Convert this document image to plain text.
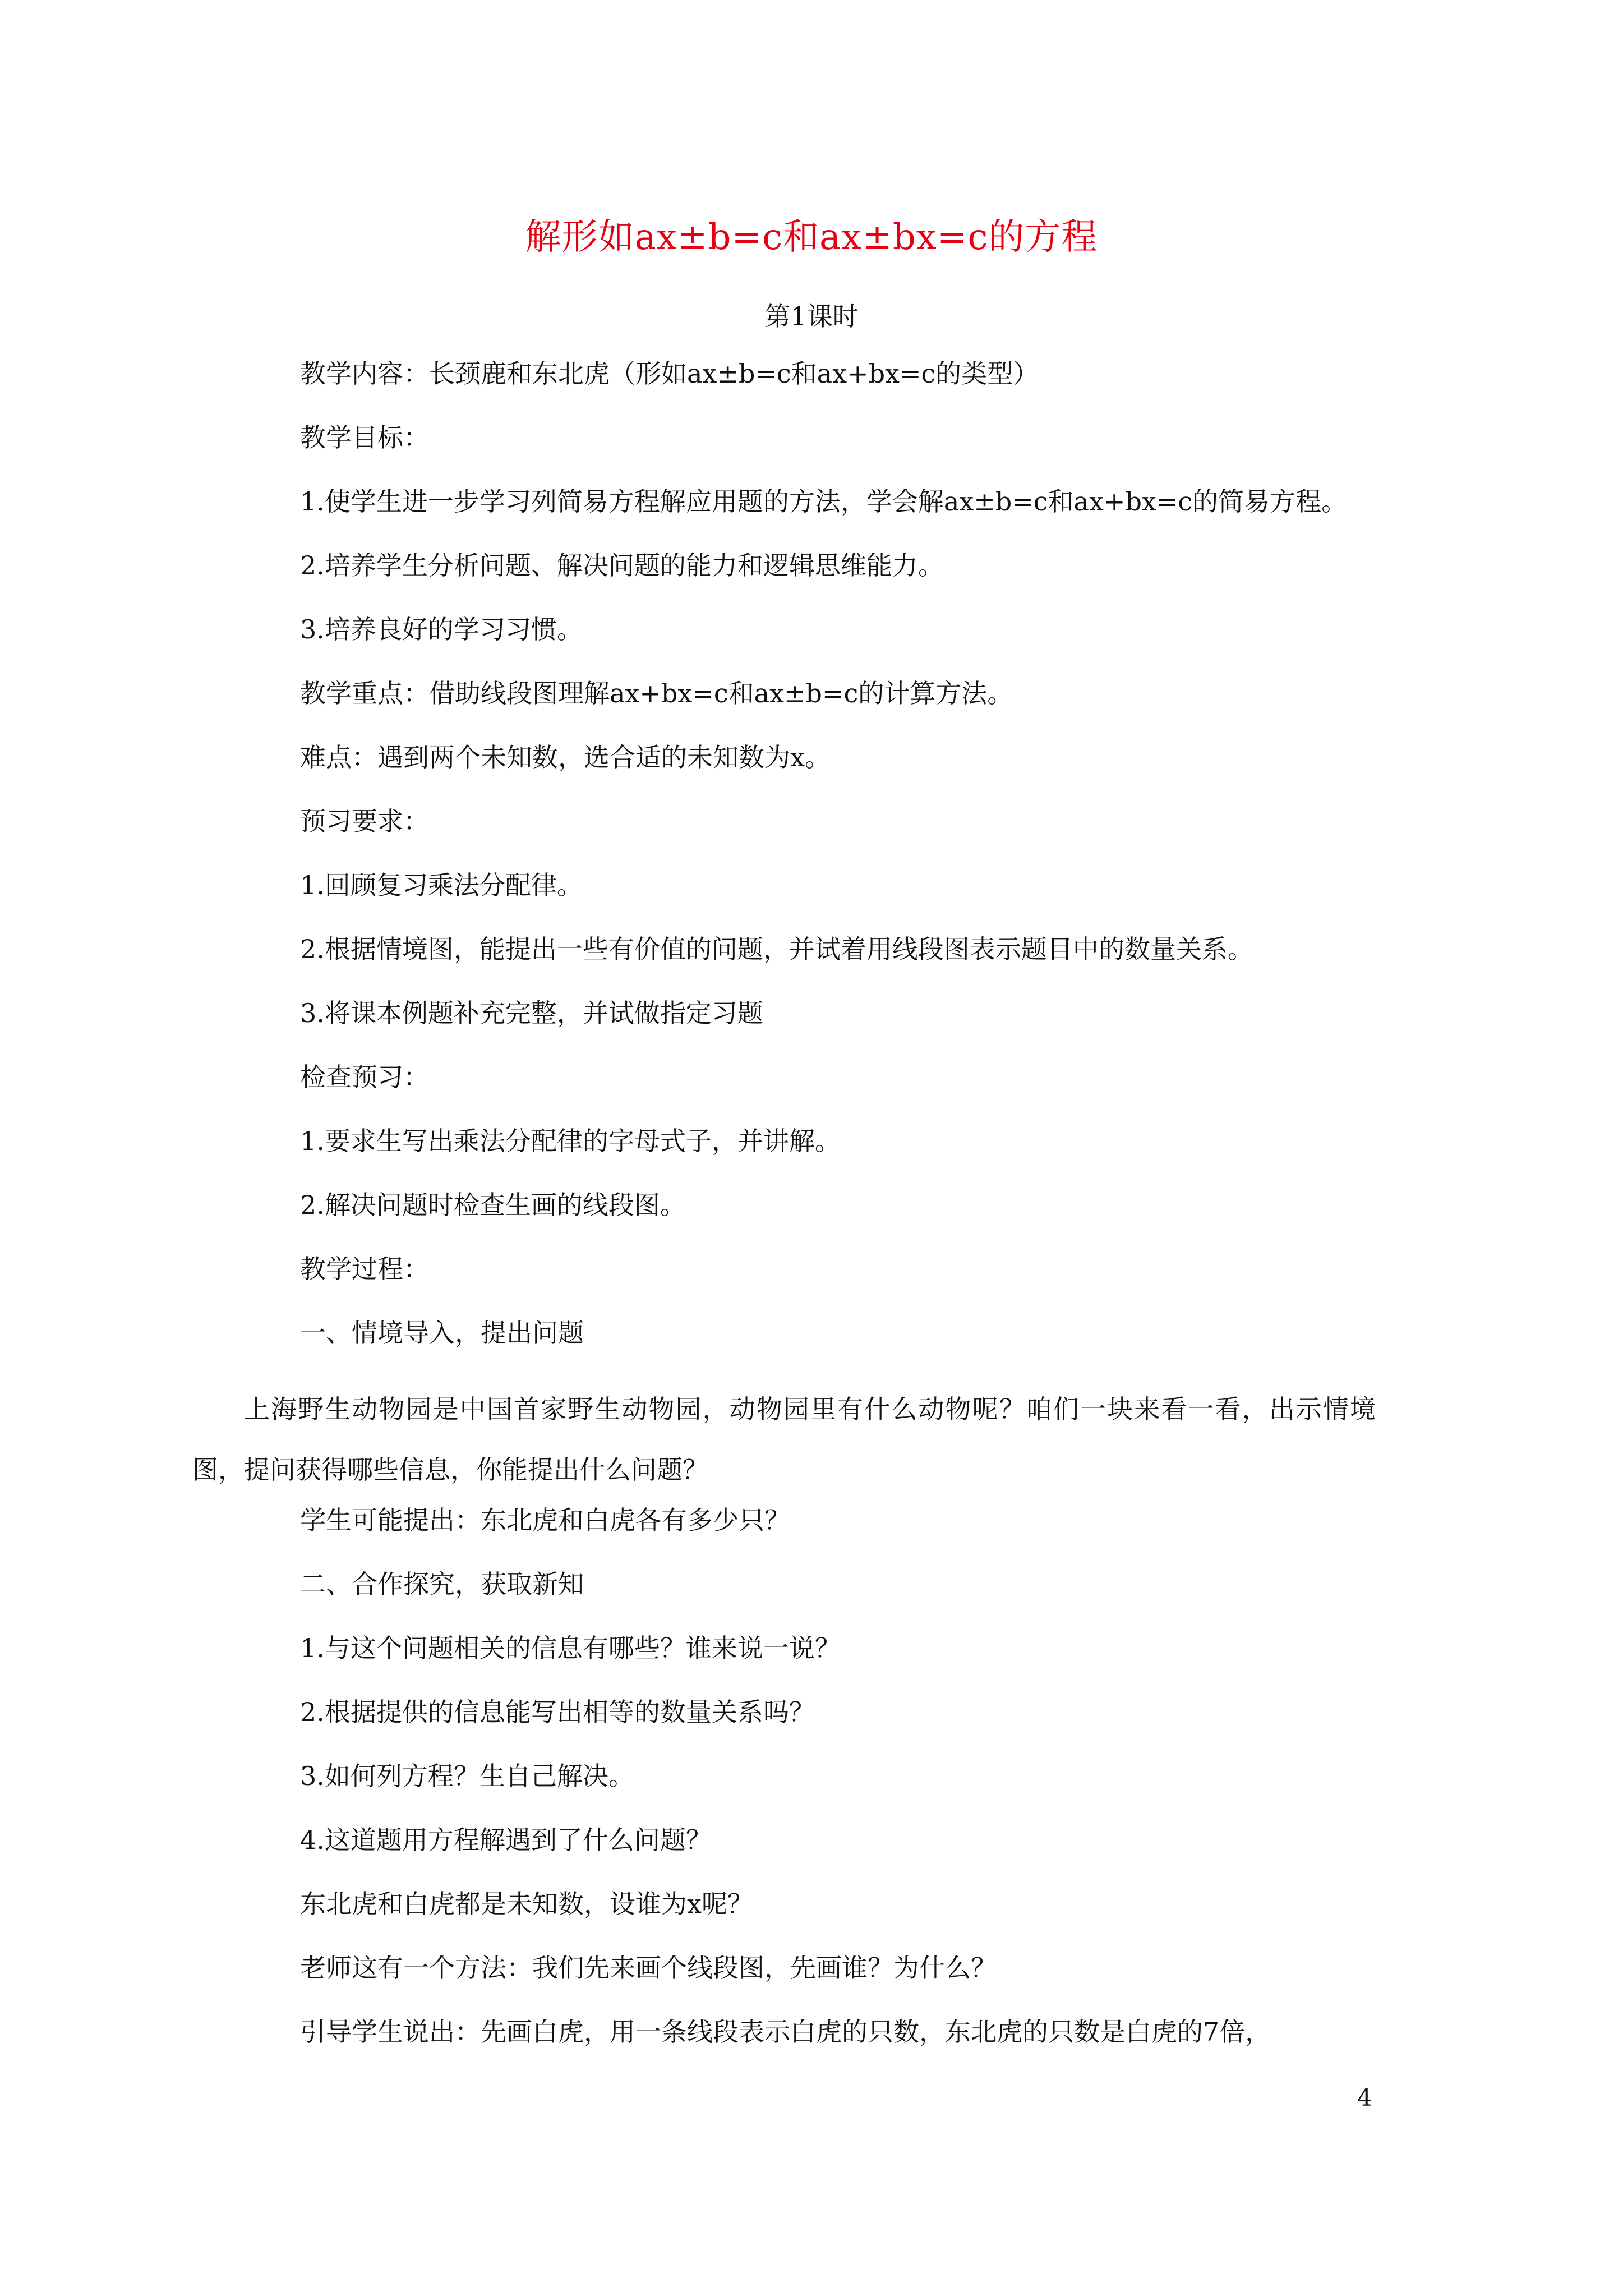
解形如ax±b=c和ax±bx=c的方程

第1课时

教学内容：长颈鹿和东北虎（形如ax±b=c和ax+bx=c的类型）

教学目标：

1.使学生进一步学习列简易方程解应用题的方法，学会解ax±b=c和ax+bx=c的简易方程。

2.培养学生分析问题、解决问题的能力和逻辑思维能力。

3.培养良好的学习习惯。

教学重点：借助线段图理解ax+bx=c和ax±b=c的计算方法。

难点：遇到两个未知数，选合适的未知数为x。

预习要求：

1.回顾复习乘法分配律。

2.根据情境图，能提出一些有价值的问题，并试着用线段图表示题目中的数量关系。

3.将课本例题补充完整，并试做指定习题

检查预习：

1.要求生写出乘法分配律的字母式子，并讲解。

2.解决问题时检查生画的线段图。

教学过程：

一、情境导入，提出问题

上海野生动物园是中国首家野生动物园，动物园里有什么动物呢？咱们一块来看一看，出示情境图，提问获得哪些信息，你能提出什么问题？

学生可能提出：东北虎和白虎各有多少只？

二、合作探究，获取新知

1.与这个问题相关的信息有哪些？谁来说一说？

2.根据提供的信息能写出相等的数量关系吗？

3.如何列方程？生自己解决。

4.这道题用方程解遇到了什么问题？

东北虎和白虎都是未知数，设谁为x呢？

老师这有一个方法：我们先来画个线段图，先画谁？为什么？

引导学生说出：先画白虎，用一条线段表示白虎的只数，东北虎的只数是白虎的7倍，

4
